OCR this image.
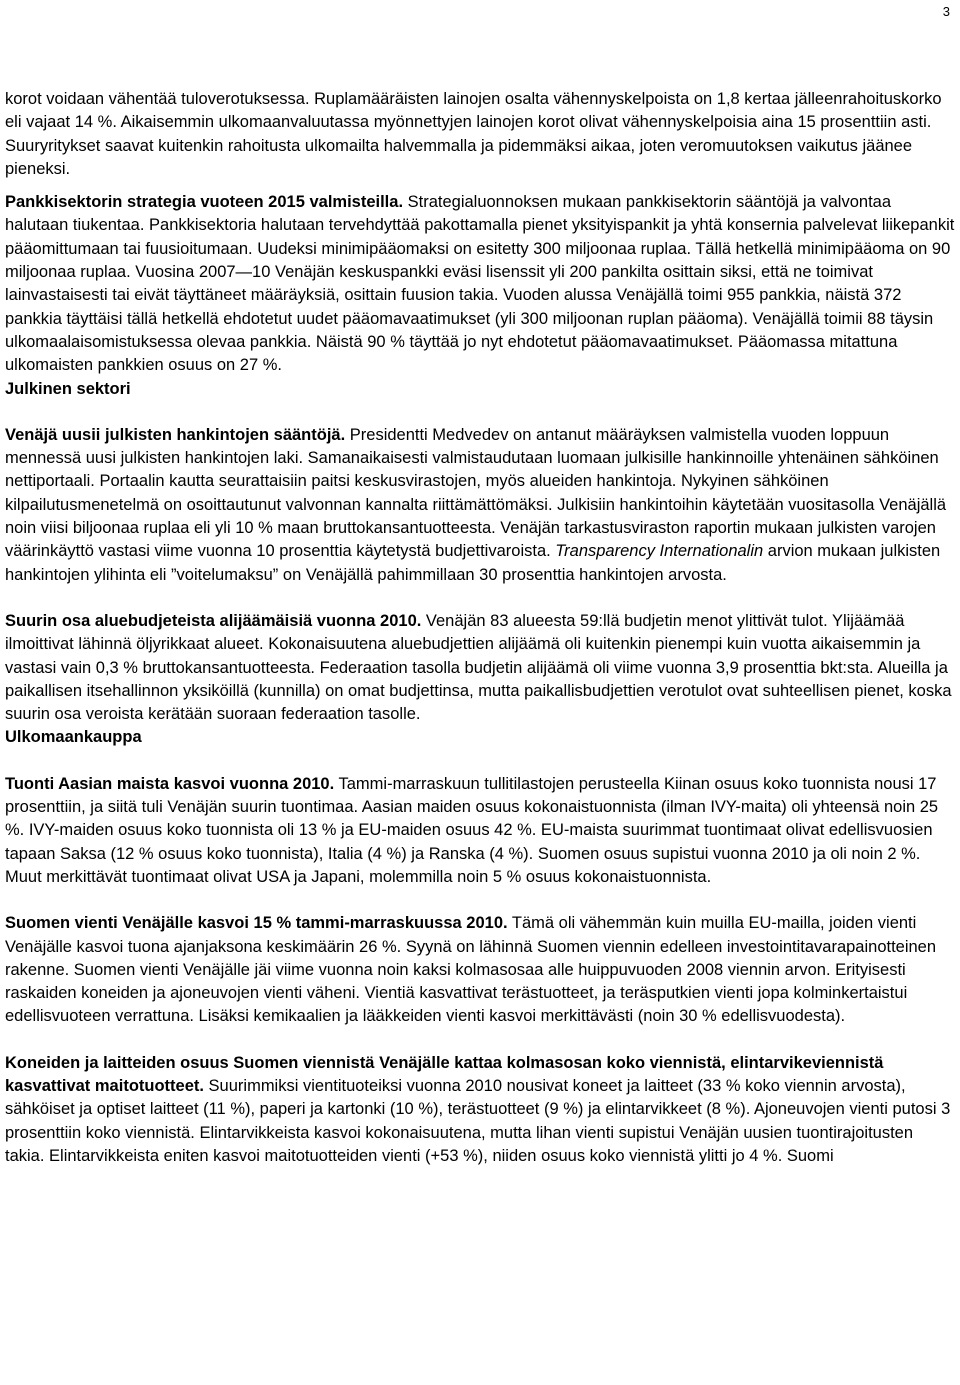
3

korot voidaan vähentää tuloverotuksessa. Ruplamääräisten lainojen osalta vähennyskelpoista on 1,8 kertaa jälleenrahoituskorko eli vajaat 14 %. Aikaisemmin ulkomaanvaluutassa myönnettyjen lainojen korot olivat vähennyskelpoisia aina 15 prosenttiin asti. Suuryritykset saavat kuitenkin rahoitusta ulkomailta halvemmalla ja pidemmäksi aikaa, joten veromuutoksen vaikutus jäänee pieneksi.

Pankkisektorin strategia vuoteen 2015 valmisteilla. Strategialuonnoksen mukaan pankkisektorin sääntöjä ja valvontaa halutaan tiukentaa. Pankkisektoria halutaan tervehdyttää pakottamalla pienet yksityispankit ja yhtä konsernia palvelevat liikepankit pääomittumaan tai fuusioitumaan. Uudeksi minimipääomaksi on esitetty 300 miljoonaa ruplaa. Tällä hetkellä minimipääoma on 90 miljoonaa ruplaa. Vuosina 2007—10 Venäjän keskuspankki eväsi lisenssit yli 200 pankilta osittain siksi, että ne toimivat lainvastaisesti tai eivät täyttäneet määräyksiä, osittain fuusion takia. Vuoden alussa Venäjällä toimi 955 pankkia, näistä 372 pankkia täyttäisi tällä hetkellä ehdotetut uudet pääomavaatimukset (yli 300 miljoonan ruplan pääoma). Venäjällä toimii 88 täysin ulkomaalaisomistuksessa olevaa pankkia. Näistä 90 % täyttää jo nyt ehdotetut pääomavaatimukset. Pääomassa mitattuna ulkomaisten pankkien osuus on 27 %.

Julkinen sektori

Venäjä uusii julkisten hankintojen sääntöjä. Presidentti Medvedev on antanut määräyksen valmistella vuoden loppuun mennessä uusi julkisten hankintojen laki. Samanaikaisesti valmistaudutaan luomaan julkisille hankinnoille yhtenäinen sähköinen nettiportaali. Portaalin kautta seurattaisiin paitsi keskusvirastojen, myös alueiden hankintoja. Nykyinen sähköinen kilpailutusmenetelmä on osoittautunut valvonnan kannalta riittämättömäksi. Julkisiin hankintoihin käytetään vuositasolla Venäjällä noin viisi biljoonaa ruplaa eli yli 10 % maan bruttokansantuotteesta. Venäjän tarkastusviraston raportin mukaan julkisten varojen väärinkäyttö vastasi viime vuonna 10 prosenttia käytetystä budjettivaroista. Transparency Internationalin arvion mukaan julkisten hankintojen ylihinta eli ”voitelumaksu” on Venäjällä pahimmillaan 30 prosenttia hankintojen arvosta.

Suurin osa aluebudjeteista alijäämäisiä vuonna 2010. Venäjän 83 alueesta 59:llä budjetin menot ylittivät tulot. Ylijäämää ilmoittivat lähinnä öljyrikkaat alueet. Kokonaisuutena aluebudjettien alijäämä oli kuitenkin pienempi kuin vuotta aikaisemmin ja vastasi vain 0,3 % bruttokansantuotteesta. Federaation tasolla budjetin alijäämä oli viime vuonna 3,9 prosenttia bkt:sta. Alueilla ja paikallisen itsehallinnon yksiköillä (kunnilla) on omat budjettinsa, mutta paikallisbudjettien verotulot ovat suhteellisen pienet, koska suurin osa veroista kerätään suoraan federaation tasolle.

Ulkomaankauppa

Tuonti Aasian maista kasvoi vuonna 2010. Tammi-marraskuun tullitilastojen perusteella Kiinan osuus koko tuonnista nousi 17 prosenttiin, ja siitä tuli Venäjän suurin tuontimaa. Aasian maiden osuus kokonaistuonnista (ilman IVY-maita) oli yhteensä noin 25 %. IVY-maiden osuus koko tuonnista oli 13 % ja EU-maiden osuus 42 %. EU-maista suurimmat tuontimaat olivat edellisvuosien tapaan Saksa (12 % osuus koko tuonnista), Italia (4 %) ja Ranska (4 %). Suomen osuus supistui vuonna 2010 ja oli noin 2 %. Muut merkittävät tuontimaat olivat USA ja Japani, molemmilla noin 5 % osuus kokonaistuonnista.

Suomen vienti Venäjälle kasvoi 15 % tammi-marraskuussa 2010. Tämä oli vähemmän kuin muilla EU-mailla, joiden vienti Venäjälle kasvoi tuona ajanjaksona keskimäärin 26 %. Syynä on lähinnä Suomen viennin edelleen investointitavarapainotteinen rakenne. Suomen vienti Venäjälle jäi viime vuonna noin kaksi kolmasosaa alle huippuvuoden 2008 viennin arvon. Erityisesti raskaiden koneiden ja ajoneuvojen vienti väheni. Vientiä kasvattivat terästuotteet, ja teräsputkien vienti jopa kolminkertaistui edellisvuoteen verrattuna. Lisäksi kemikaalien ja lääkkeiden vienti kasvoi merkittävästi (noin 30 % edellisvuodesta).

Koneiden ja laitteiden osuus Suomen viennistä Venäjälle kattaa kolmasosan koko viennistä, elintarvikeviennistä kasvattivat maitotuotteet. Suurimmiksi vientituoteiksi vuonna 2010 nousivat koneet ja laitteet (33 % koko viennin arvosta), sähköiset ja optiset laitteet (11 %), paperi ja kartonki (10 %), terästuotteet (9 %) ja elintarvikkeet (8 %). Ajoneuvojen vienti putosi 3 prosenttiin koko viennistä. Elintarvikkeista kasvoi kokonaisuutena, mutta lihan vienti supistui Venäjän uusien tuontirajoitusten takia. Elintarvikkeista eniten kasvoi maitotuotteiden vienti (+53 %), niiden osuus koko viennistä ylitti jo 4 %. Suomi
